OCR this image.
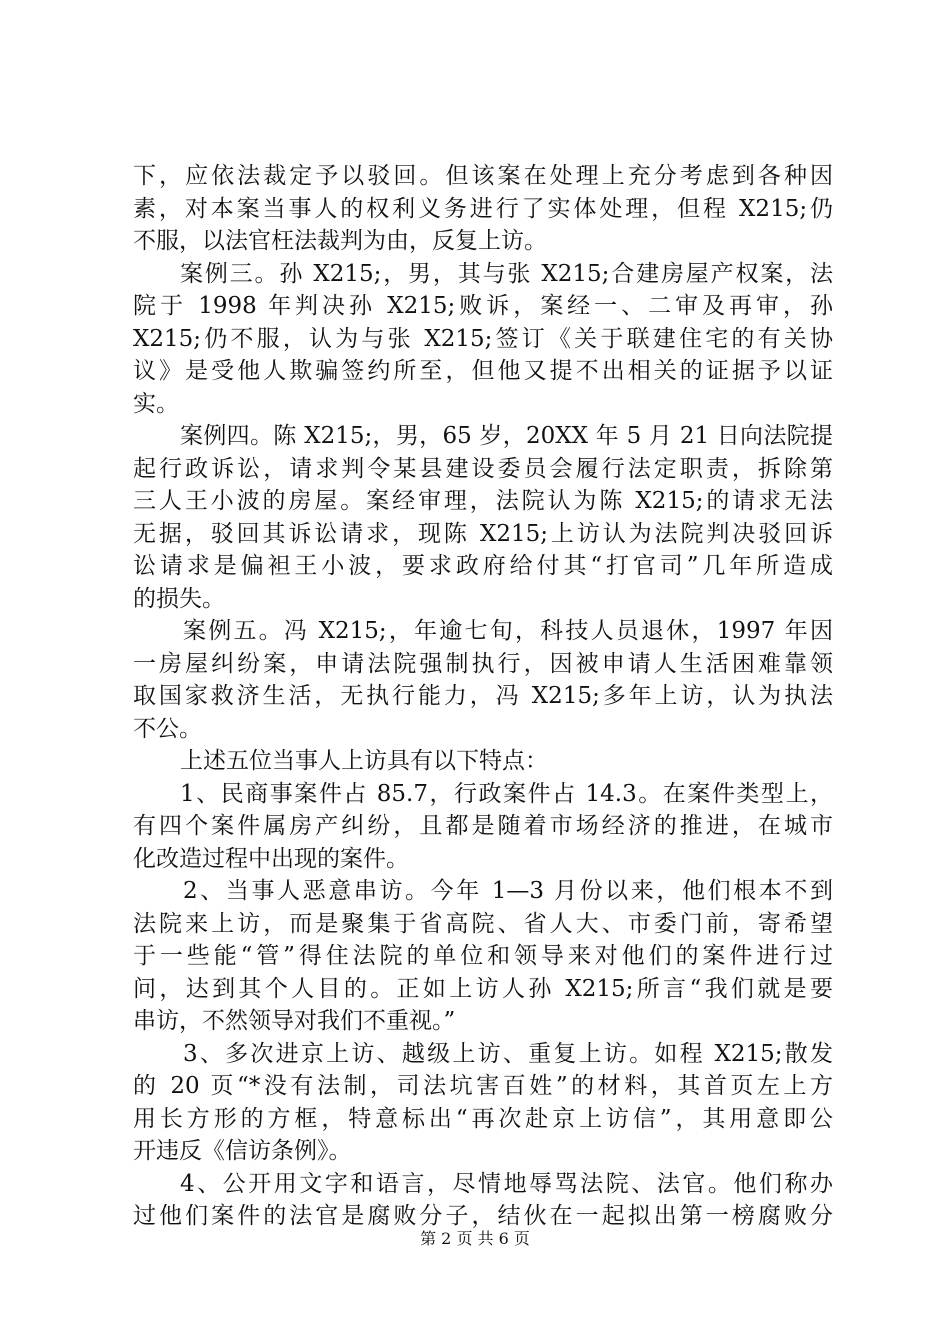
下，应依法裁定予以驳回。但该案在处理上充分考虑到各种因
素，对本案当事人的权利义务进行了实体处理，但程 X215;仍
不服，以法官枉法裁判为由，反复上访。
案例三。孙 X215;，男，其与张 X215;合建房屋产权案，法
院于 1998 年判决孙 X215;败诉，案经一、二审及再审，孙
X215;仍不服，认为与张 X215;签订《关于联建住宅的有关协
议》是受他人欺骗签约所至，但他又提不出相关的证据予以证
实。
案例四。陈 X215;，男，65 岁，20XX 年 5 月 21 日向法院提
起行政诉讼，请求判令某县建设委员会履行法定职责，拆除第
三人王小波的房屋。案经审理，法院认为陈 X215;的请求无法
无据，驳回其诉讼请求，现陈 X215;上访认为法院判决驳回诉
讼请求是偏袒王小波，要求政府给付其“打官司”几年所造成
的损失。
案例五。冯 X215;，年逾七旬，科技人员退休，1997 年因
一房屋纠纷案，申请法院强制执行，因被申请人生活困难靠领
取国家救济生活，无执行能力，冯 X215;多年上访，认为执法
不公。
上述五位当事人上访具有以下特点：
1、民商事案件占 85.7，行政案件占 14.3。在案件类型上，
有四个案件属房产纠纷，且都是随着市场经济的推进，在城市
化改造过程中出现的案件。
2、当事人恶意串访。今年 1—3 月份以来，他们根本不到
法院来上访，而是聚集于省高院、省人大、市委门前，寄希望
于一些能“管”得住法院的单位和领导来对他们的案件进行过
问，达到其个人目的。正如上访人孙 X215;所言“我们就是要
串访，不然领导对我们不重视。”
3、多次进京上访、越级上访、重复上访。如程 X215;散发
的 20 页“*没有法制，司法坑害百姓”的材料，其首页左上方
用长方形的方框，特意标出“再次赴京上访信”，其用意即公
开违反《信访条例》。
4、公开用文字和语言，尽情地辱骂法院、法官。他们称办
过他们案件的法官是腐败分子，结伙在一起拟出第一榜腐败分
第 2 页 共 6 页
